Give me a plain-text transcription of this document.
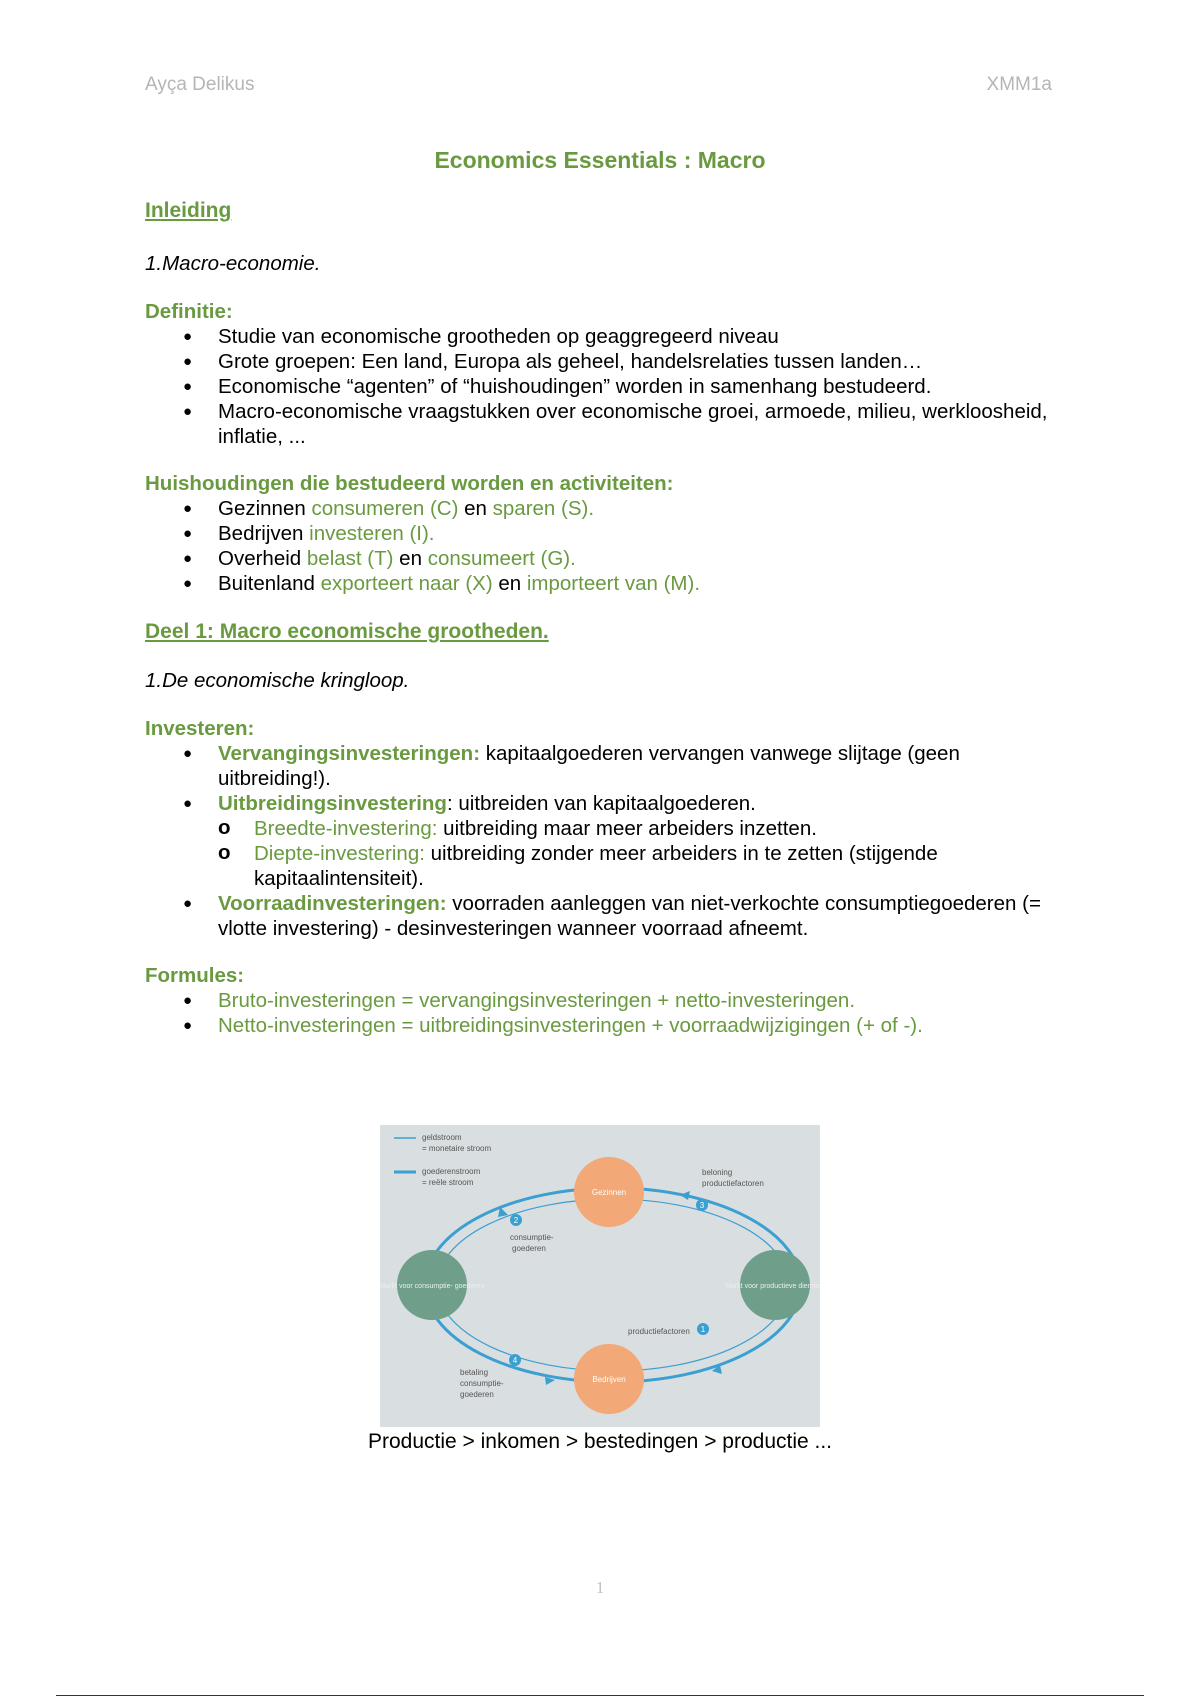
Ayça Delikus	XMM1a
Economics Essentials : Macro
Inleiding
1.Macro-economie.
Definitie:
● Studie van economische grootheden op geaggregeerd niveau
● Grote groepen: Een land, Europa als geheel, handelsrelaties tussen landen…
● Economische “agenten” of “huishoudingen” worden in samenhang bestudeerd.
● Macro-economische vraagstukken over economische groei, armoede, milieu, werkloosheid, inflatie, ...
Huishoudingen die bestudeerd worden en activiteiten:
● Gezinnen consumeren (C) en sparen (S).
● Bedrijven investeren (I).
● Overheid belast (T) en consumeert (G).
● Buitenland exporteert naar (X) en importeert van (M).
Deel 1: Macro economische grootheden.
1.De economische kringloop.
Investeren:
● Vervangingsinvesteringen: kapitaalgoederen vervangen vanwege slijtage (geen uitbreiding!).
● Uitbreidingsinvestering: uitbreiden van kapitaalgoederen.
o Breedte-investering: uitbreiding maar meer arbeiders inzetten.
o Diepte-investering: uitbreiding zonder meer arbeiders in te zetten (stijgende kapitaalintensiteit).
● Voorraadinvesteringen: voorraden aanleggen van niet-verkochte consumptiegoederen (= vlotte investering) - desinvesteringen wanneer voorraad afneemt.
Formules:
● Bruto-investeringen = vervangingsinvesteringen + netto-investeringen.
● Netto-investeringen = uitbreidingsinvesteringen + voorraadwijzigingen (+ of -).
geldstroom
= monetaire stroom
goederenstroom
= reële stroom
Gezinnen
Bedrijven
Markt voor consumptie- goederen	Markt voor productieve diensten
consumptie-
goederen
beloning
productiefactoren
productiefactoren
betaling
consumptie-
goederen
1
2
3
4
Productie > inkomen > bestedingen > productie ...
1
